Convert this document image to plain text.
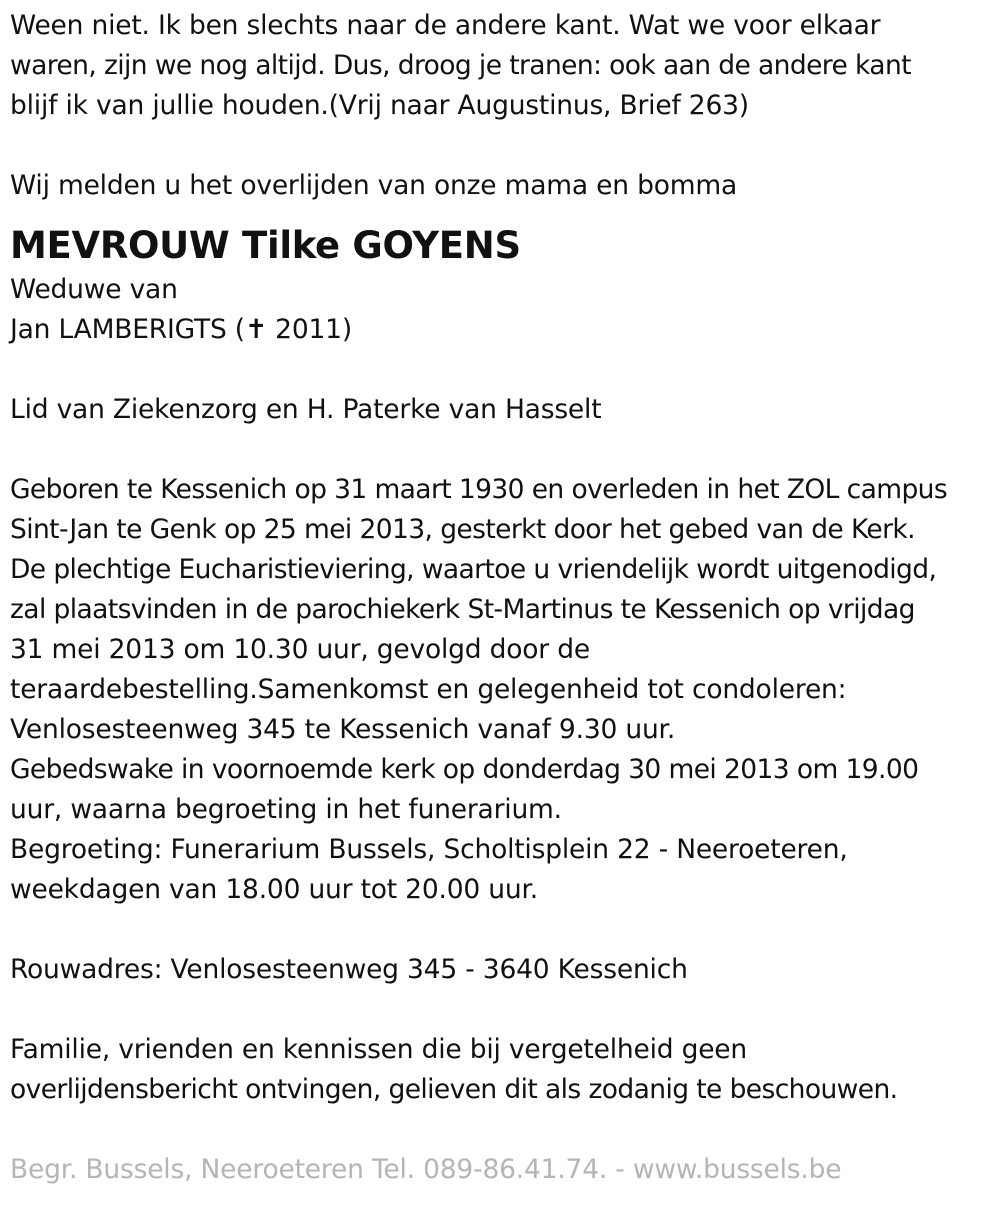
Ween niet. Ik ben slechts naar de andere kant. Wat we voor elkaar
waren, zijn we nog altijd. Dus, droog je tranen: ook aan de andere kant
blijf ik van jullie houden.(Vrij naar Augustinus, Brief 263)
Wij melden u het overlijden van onze mama en bomma
MEVROUW Tilke GOYENS
Weduwe van
Jan LAMBERIGTS (✝ 2011)
Lid van Ziekenzorg en H. Paterke van Hasselt
Geboren te Kessenich op 31 maart 1930 en overleden in het ZOL campus
Sint-Jan te Genk op 25 mei 2013, gesterkt door het gebed van de Kerk.
De plechtige Eucharistieviering, waartoe u vriendelijk wordt uitgenodigd,
zal plaatsvinden in de parochiekerk St-Martinus te Kessenich op vrijdag
31 mei 2013 om 10.30 uur, gevolgd door de
teraardebestelling.Samenkomst en gelegenheid tot condoleren:
Venlosesteenweg 345 te Kessenich vanaf 9.30 uur.
Gebedswake in voornoemde kerk op donderdag 30 mei 2013 om 19.00
uur, waarna begroeting in het funerarium.
Begroeting: Funerarium Bussels, Scholtisplein 22 - Neeroeteren,
weekdagen van 18.00 uur tot 20.00 uur.
Rouwadres: Venlosesteenweg 345 - 3640 Kessenich
Familie, vrienden en kennissen die bij vergetelheid geen
overlijdensbericht ontvingen, gelieven dit als zodanig te beschouwen.
Begr. Bussels, Neeroeteren Tel. 089-86.41.74. - www.bussels.be
